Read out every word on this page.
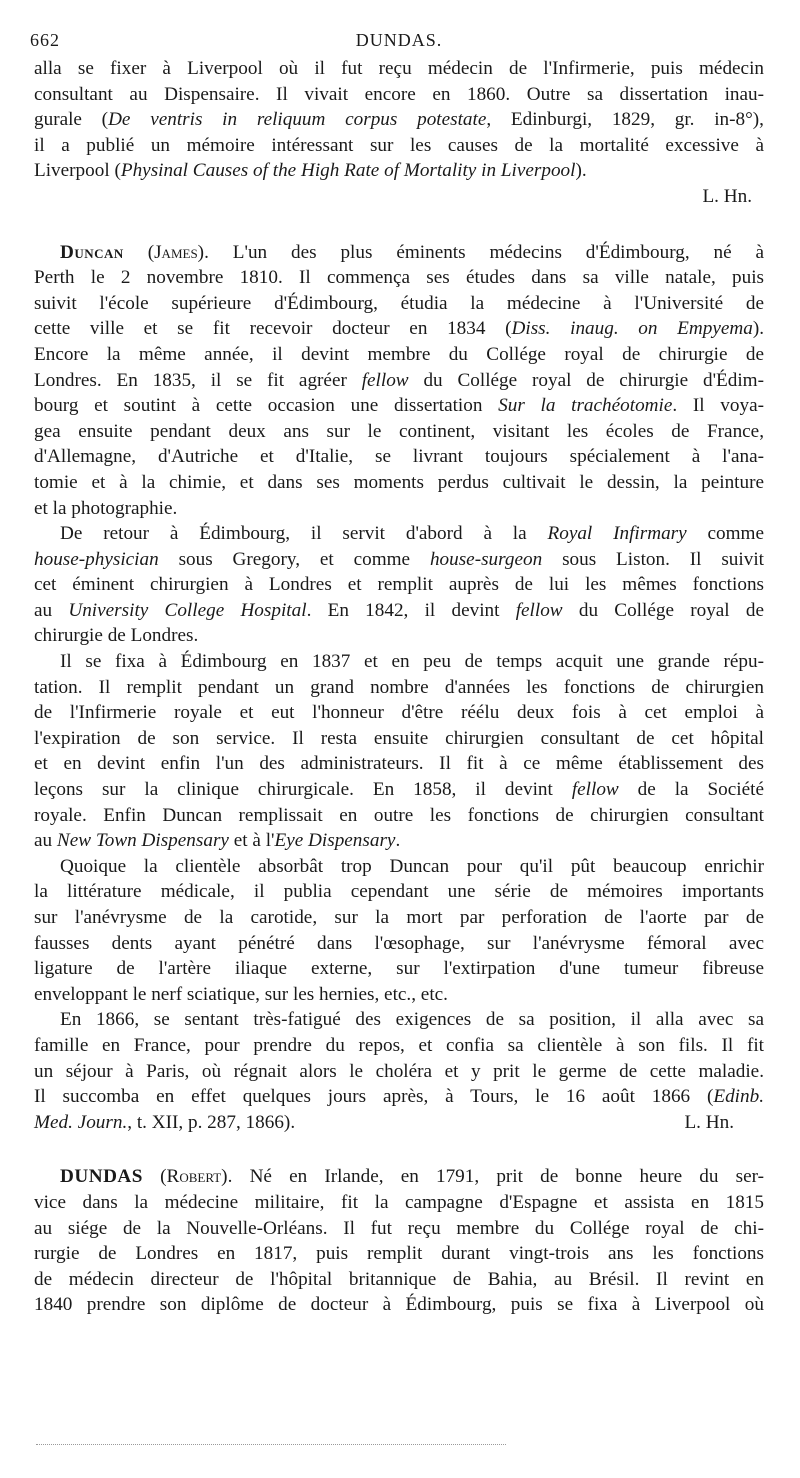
662	DUNDAS.
alla se fixer à Liverpool où il fut reçu médecin de l'Infirmerie, puis médecin
consultant au Dispensaire. Il vivait encore en 1860. Outre sa dissertation inau-
gurale (De ventris in reliquum corpus potestate, Edinburgi, 1829, gr. in-8°),
il a publié un mémoire intéressant sur les causes de la mortalité excessive à
Liverpool (Physinal Causes of the High Rate of Mortality in Liverpool).
L. Hn.
Duncan (James). L'un des plus éminents médecins d'Édimbourg, né à
Perth le 2 novembre 1810. Il commença ses études dans sa ville natale, puis
suivit l'école supérieure d'Édimbourg, étudia la médecine à l'Université de
cette ville et se fit recevoir docteur en 1834 (Diss. inaug. on Empyema).
Encore la même année, il devint membre du Collége royal de chirurgie de
Londres. En 1835, il se fit agréer fellow du Collége royal de chirurgie d'Édim-
bourg et soutint à cette occasion une dissertation Sur la trachéotomie. Il voya-
gea ensuite pendant deux ans sur le continent, visitant les écoles de France,
d'Allemagne, d'Autriche et d'Italie, se livrant toujours spécialement à l'ana-
tomie et à la chimie, et dans ses moments perdus cultivait le dessin, la peinture
et la photographie.
De retour à Édimbourg, il servit d'abord à la Royal Infirmary comme
house-physician sous Gregory, et comme house-surgeon sous Liston. Il suivit
cet éminent chirurgien à Londres et remplit auprès de lui les mêmes fonctions
au University College Hospital. En 1842, il devint fellow du Collége royal de
chirurgie de Londres.
Il se fixa à Édimbourg en 1837 et en peu de temps acquit une grande répu-
tation. Il remplit pendant un grand nombre d'années les fonctions de chirurgien
de l'Infirmerie royale et eut l'honneur d'être réélu deux fois à cet emploi à
l'expiration de son service. Il resta ensuite chirurgien consultant de cet hôpital
et en devint enfin l'un des administrateurs. Il fit à ce même établissement des
leçons sur la clinique chirurgicale. En 1858, il devint fellow de la Société
royale. Enfin Duncan remplissait en outre les fonctions de chirurgien consultant
au New Town Dispensary et à l'Eye Dispensary.
Quoique la clientèle absorbât trop Duncan pour qu'il pût beaucoup enrichir
la littérature médicale, il publia cependant une série de mémoires importants
sur l'anévrysme de la carotide, sur la mort par perforation de l'aorte par de
fausses dents ayant pénétré dans l'œsophage, sur l'anévrysme fémoral avec
ligature de l'artère iliaque externe, sur l'extirpation d'une tumeur fibreuse
enveloppant le nerf sciatique, sur les hernies, etc., etc.
En 1866, se sentant très-fatigué des exigences de sa position, il alla avec sa
famille en France, pour prendre du repos, et confia sa clientèle à son fils. Il fit
un séjour à Paris, où régnait alors le choléra et y prit le germe de cette maladie.
Il succomba en effet quelques jours après, à Tours, le 16 août 1866 (Edinb.
Med. Journ., t. XII, p. 287, 1866).	L. Hn.
DUNDAS (Robert). Né en Irlande, en 1791, prit de bonne heure du ser-
vice dans la médecine militaire, fit la campagne d'Espagne et assista en 1815
au siége de la Nouvelle-Orléans. Il fut reçu membre du Collége royal de chi-
rurgie de Londres en 1817, puis remplit durant vingt-trois ans les fonctions
de médecin directeur de l'hôpital britannique de Bahia, au Brésil. Il revint en
1840 prendre son diplôme de docteur à Édimbourg, puis se fixa à Liverpool où
